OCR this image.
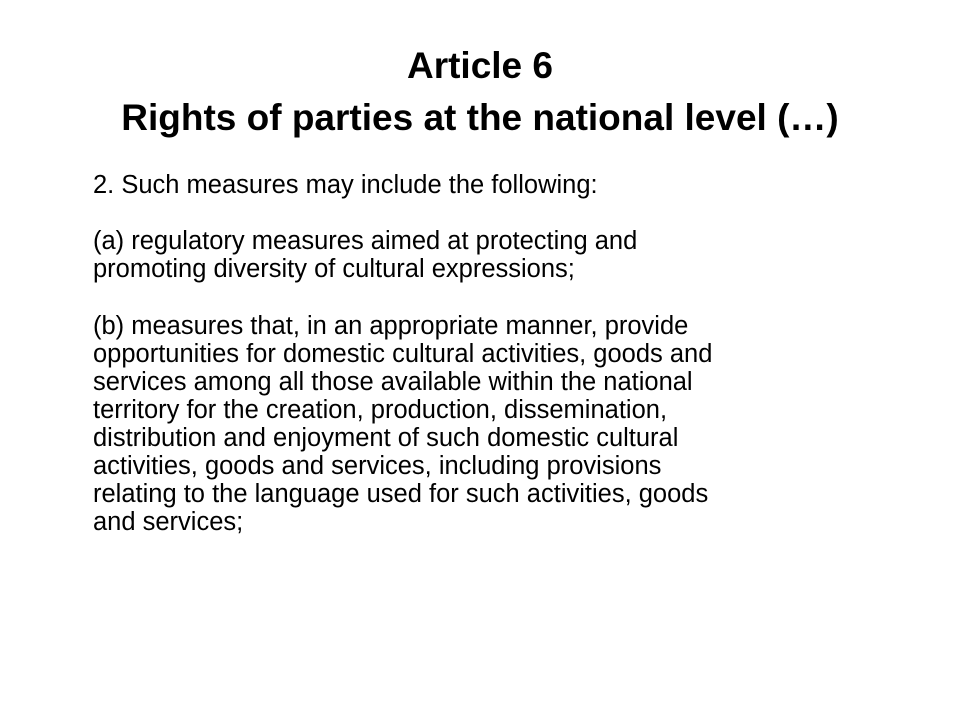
Article 6
Rights of parties at the national level (…)

2. Such measures may include the following:

(a) regulatory measures aimed at protecting and
promoting diversity of cultural expressions;

(b) measures that, in an appropriate manner, provide
opportunities for domestic cultural activities, goods and
services among all those available within the national
territory for the creation, production, dissemination,
distribution and enjoyment of such domestic cultural
activities, goods and services, including provisions
relating to the language used for such activities, goods
and services;
